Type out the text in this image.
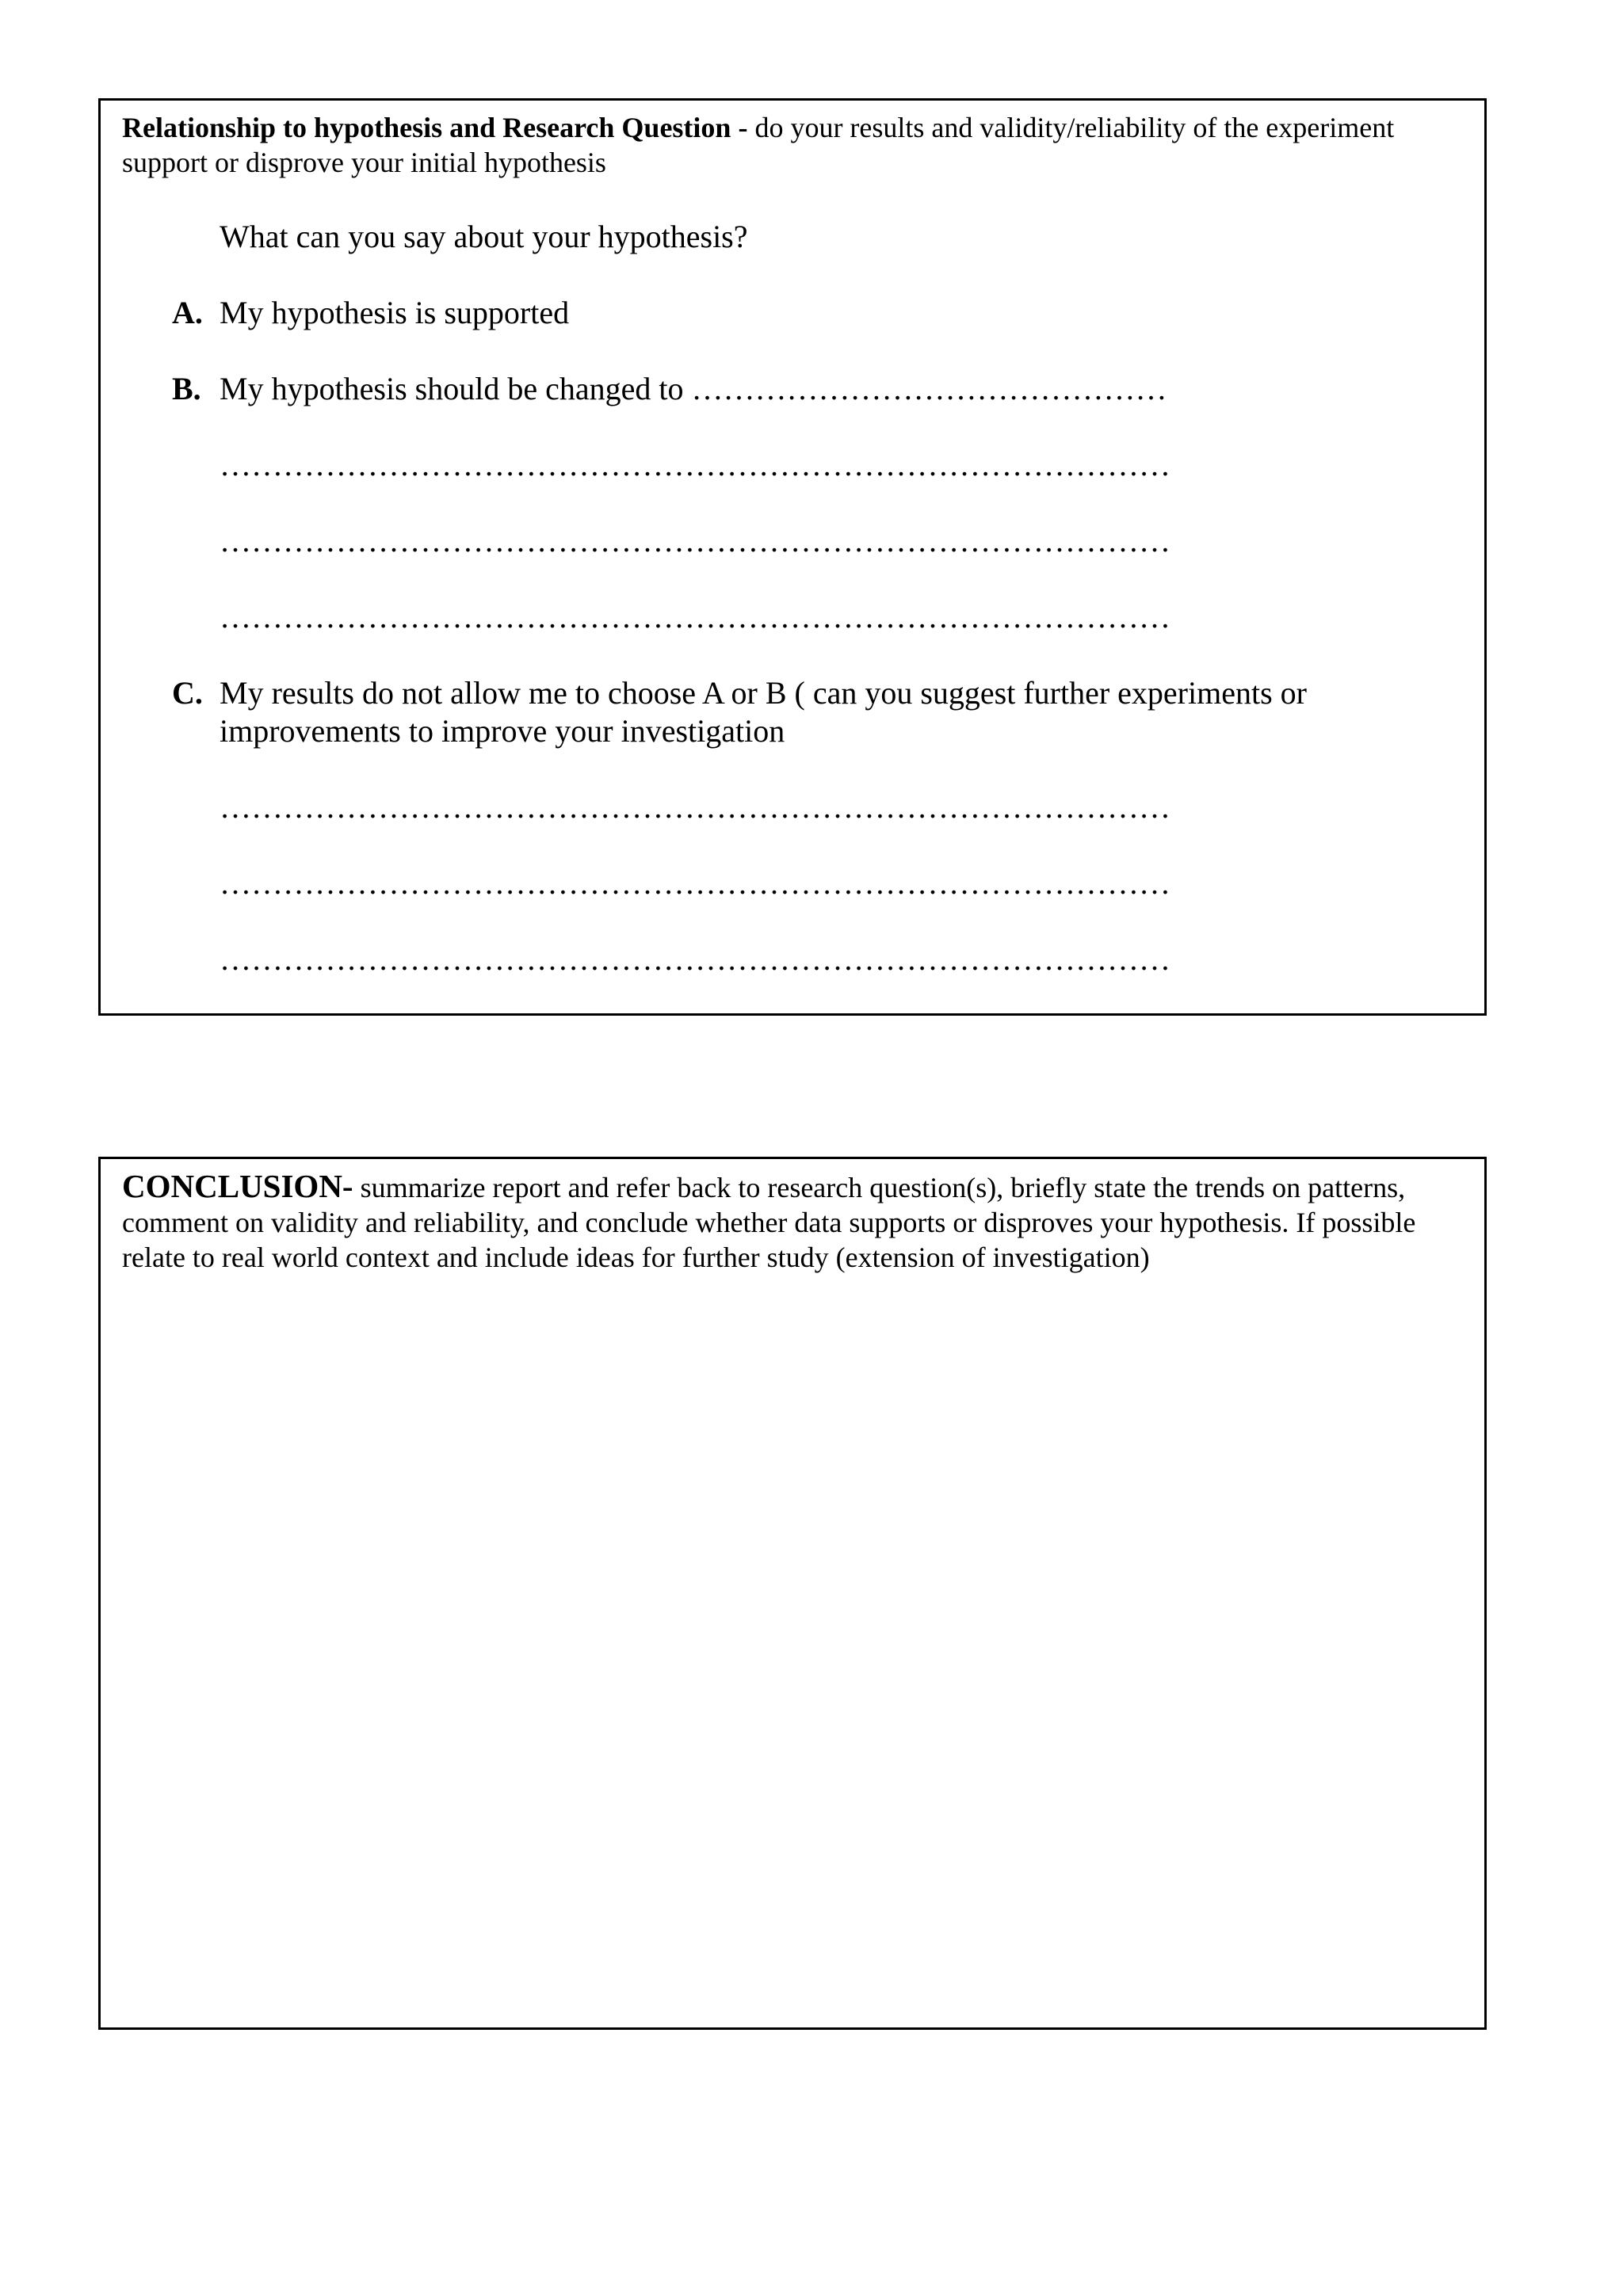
Relationship to hypothesis and Research Question - do your results and validity/reliability of the experiment support or disprove your initial hypothesis
What can you say about your hypothesis?
A. My hypothesis is supported
B. My hypothesis should be changed to ………………………………………
………………………………………………………………………………
………………………………………………………………………………
………………………………………………………………………………
C. My results do not allow me to choose A or B ( can you suggest further experiments or improvements to improve your investigation
………………………………………………………………………………
………………………………………………………………………………
………………………………………………………………………………
CONCLUSION- summarize report and refer back to research question(s), briefly state the trends on patterns, comment on validity and reliability, and conclude whether data supports or disproves your hypothesis. If possible relate to real world context and include ideas for further study (extension of investigation)
